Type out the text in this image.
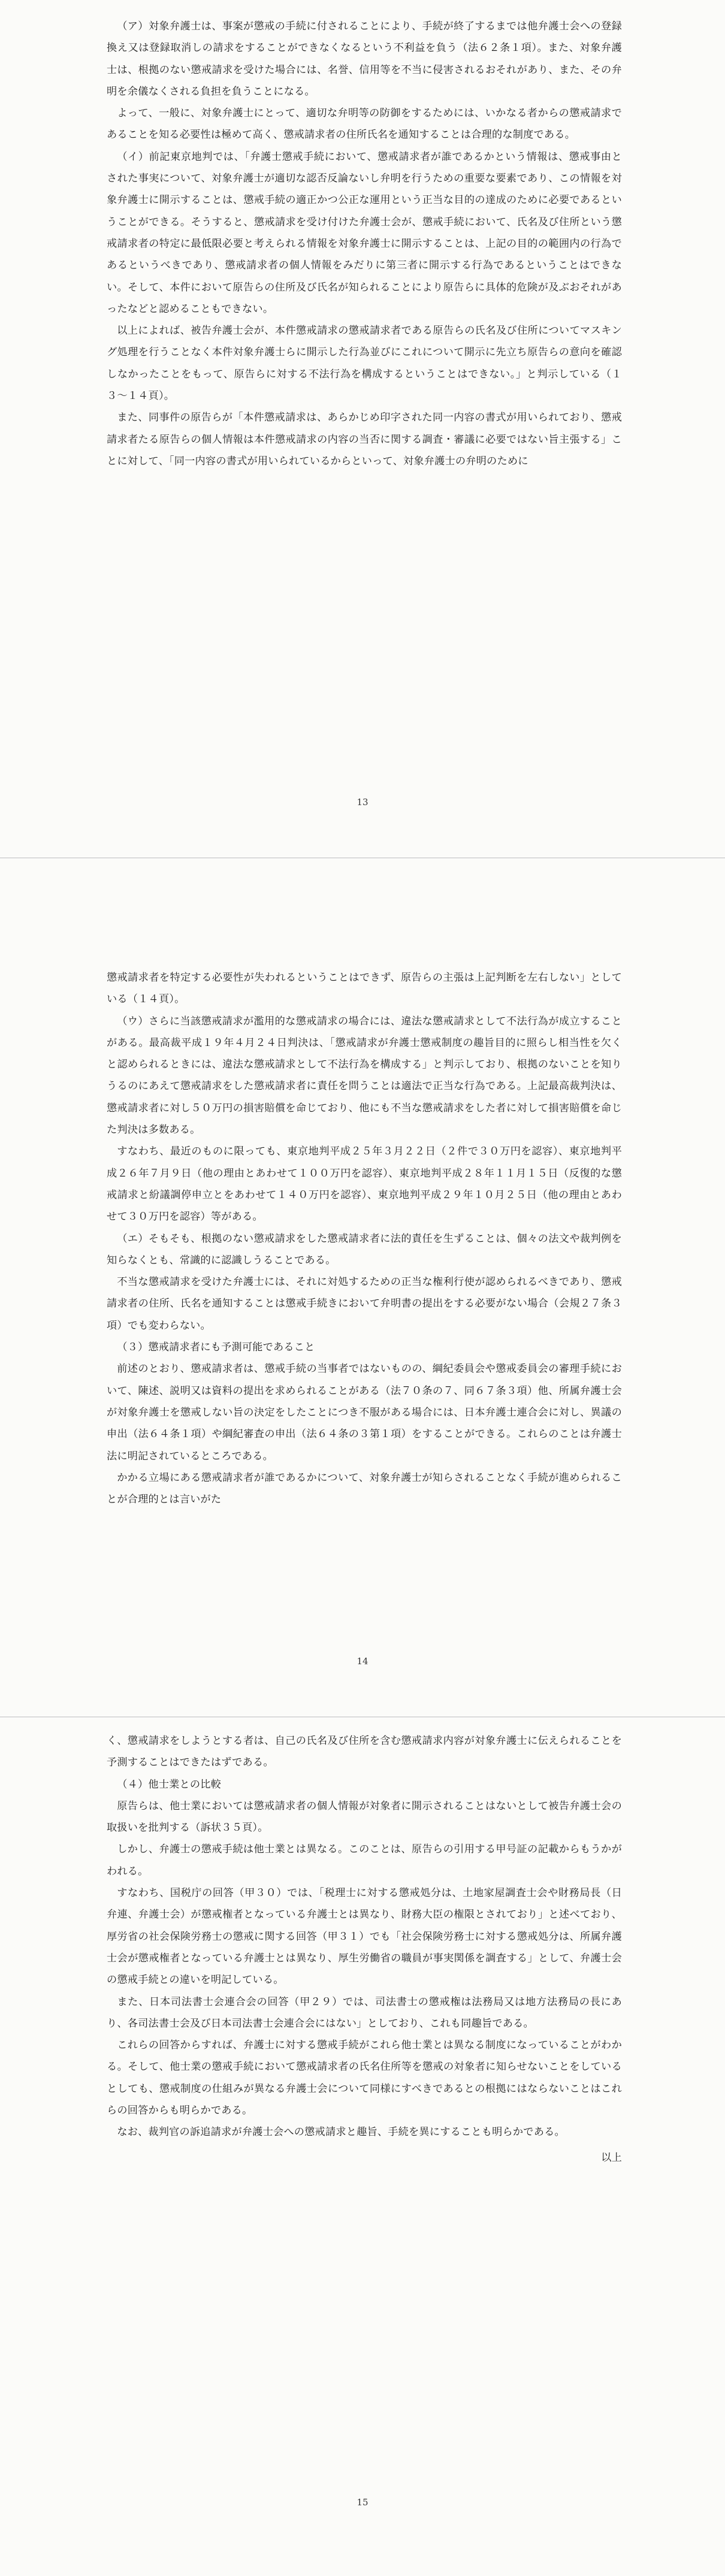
（ア）対象弁護士は、事案が懲戒の手続に付されることにより、手続が終了するまでは他弁護士会への登録換え又は登録取消しの請求をすることができなくなるという不利益を負う（法６２条１項）。また、対象弁護士は、根拠のない懲戒請求を受けた場合には、名誉、信用等を不当に侵害されるおそれがあり、また、その弁明を余儀なくされる負担を負うことになる。

よって、一般に、対象弁護士にとって、適切な弁明等の防御をするためには、いかなる者からの懲戒請求であることを知る必要性は極めて高く、懲戒請求者の住所氏名を通知することは合理的な制度である。

（イ）前記東京地判では、「弁護士懲戒手続において、懲戒請求者が誰であるかという情報は、懲戒事由とされた事実について、対象弁護士が適切な認否反論ないし弁明を行うための重要な要素であり、この情報を対象弁護士に開示することは、懲戒手続の適正かつ公正な運用という正当な目的の達成のために必要であるということができる。そうすると、懲戒請求を受け付けた弁護士会が、懲戒手続において、氏名及び住所という懲戒請求者の特定に最低限必要と考えられる情報を対象弁護士に開示することは、上記の目的の範囲内の行為であるというべきであり、懲戒請求者の個人情報をみだりに第三者に開示する行為であるということはできない。そして、本件において原告らの住所及び氏名が知られることにより原告らに具体的危険が及ぶおそれがあったなどと認めることもできない。

以上によれば、被告弁護士会が、本件懲戒請求の懲戒請求者である原告らの氏名及び住所についてマスキング処理を行うことなく本件対象弁護士らに開示した行為並びにこれについて開示に先立ち原告らの意向を確認しなかったことをもって、原告らに対する不法行為を構成するということはできない。」と判示している（１３～１４頁）。

また、同事件の原告らが「本件懲戒請求は、あらかじめ印字された同一内容の書式が用いられており、懲戒請求者たる原告らの個人情報は本件懲戒請求の内容の当否に関する調査・審議に必要ではない旨主張する」ことに対して、「同一内容の書式が用いられているからといって、対象弁護士の弁明のために

13

懲戒請求者を特定する必要性が失われるということはできず、原告らの主張は上記判断を左右しない」としている（１４頁）。

（ウ）さらに当該懲戒請求が濫用的な懲戒請求の場合には、違法な懲戒請求として不法行為が成立することがある。最高裁平成１９年４月２４日判決は、「懲戒請求が弁護士懲戒制度の趣旨目的に照らし相当性を欠くと認められるときには、違法な懲戒請求として不法行為を構成する」と判示しており、根拠のないことを知りうるのにあえて懲戒請求をした懲戒請求者に責任を問うことは適法で正当な行為である。上記最高裁判決は、懲戒請求者に対し５０万円の損害賠償を命じており、他にも不当な懲戒請求をした者に対して損害賠償を命じた判決は多数ある。

すなわち、最近のものに限っても、東京地判平成２５年３月２２日（２件で３０万円を認容）、東京地判平成２６年７月９日（他の理由とあわせて１００万円を認容）、東京地判平成２８年１１月１５日（反復的な懲戒請求と紛議調停申立とをあわせて１４０万円を認容）、東京地判平成２９年１０月２５日（他の理由とあわせて３０万円を認容）等がある。

（エ）そもそも、根拠のない懲戒請求をした懲戒請求者に法的責任を生ずることは、個々の法文や裁判例を知らなくとも、常識的に認識しうることである。

不当な懲戒請求を受けた弁護士には、それに対処するための正当な権利行使が認められるべきであり、懲戒請求者の住所、氏名を通知することは懲戒手続きにおいて弁明書の提出をする必要がない場合（会規２７条３項）でも変わらない。

（３）懲戒請求者にも予測可能であること

前述のとおり、懲戒請求者は、懲戒手続の当事者ではないものの、綱紀委員会や懲戒委員会の審理手続において、陳述、説明又は資料の提出を求められることがある（法７０条の７、同６７条３項）他、所属弁護士会が対象弁護士を懲戒しない旨の決定をしたことにつき不服がある場合には、日本弁護士連合会に対し、異議の申出（法６４条１項）や綱紀審査の申出（法６４条の３第１項）をすることができる。これらのことは弁護士法に明記されているところである。

かかる立場にある懲戒請求者が誰であるかについて、対象弁護士が知らされることなく手続が進められることが合理的とは言いがた

14

く、懲戒請求をしようとする者は、自己の氏名及び住所を含む懲戒請求内容が対象弁護士に伝えられることを予測することはできたはずである。

（４）他士業との比較

原告らは、他士業においては懲戒請求者の個人情報が対象者に開示されることはないとして被告弁護士会の取扱いを批判する（訴状３５頁）。

しかし、弁護士の懲戒手続は他士業とは異なる。このことは、原告らの引用する甲号証の記載からもうかがわれる。

すなわち、国税庁の回答（甲３０）では、「税理士に対する懲戒処分は、土地家屋調査士会や財務局長（日弁連、弁護士会）が懲戒権者となっている弁護士とは異なり、財務大臣の権限とされており」と述べており、厚労省の社会保険労務士の懲戒に関する回答（甲３１）でも「社会保険労務士に対する懲戒処分は、所属弁護士会が懲戒権者となっている弁護士とは異なり、厚生労働省の職員が事実関係を調査する」として、弁護士会の懲戒手続との違いを明記している。

また、日本司法書士会連合会の回答（甲２９）では、司法書士の懲戒権は法務局又は地方法務局の長にあり、各司法書士会及び日本司法書士会連合会にはない」としており、これも同趣旨である。

これらの回答からすれば、弁護士に対する懲戒手続がこれら他士業とは異なる制度になっていることがわかる。そして、他士業の懲戒手続において懲戒請求者の氏名住所等を懲戒の対象者に知らせないことをしているとしても、懲戒制度の仕組みが異なる弁護士会について同様にすべきであるとの根拠にはならないことはこれらの回答からも明らかである。

なお、裁判官の訴追請求が弁護士会への懲戒請求と趣旨、手続を異にすることも明らかである。

以上

15
